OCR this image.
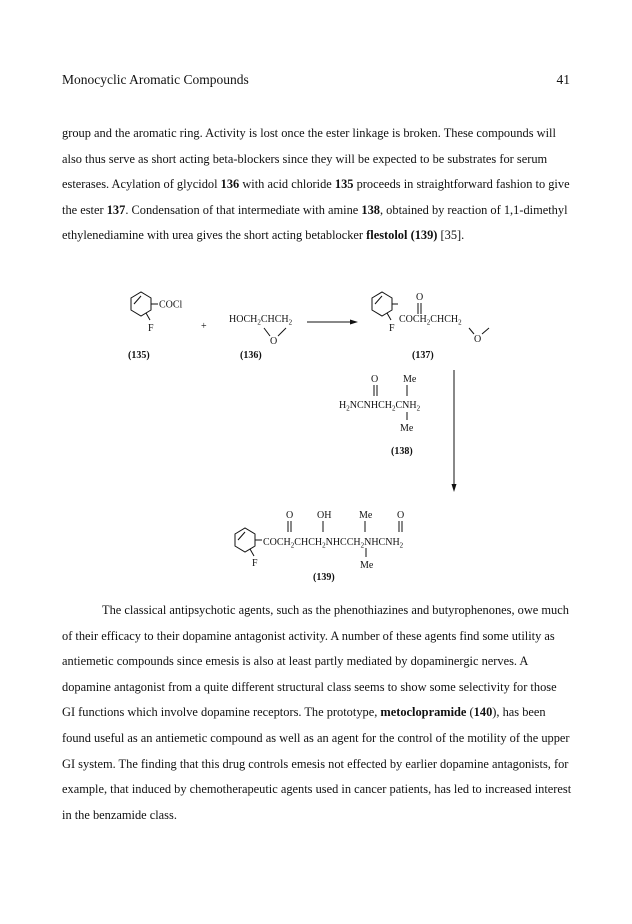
Monocyclic Aromatic Compounds	41

group and the aromatic ring. Activity is lost once the ester linkage is broken. These compounds will also thus serve as short acting beta-blockers since they will be expected to be substrates for serum esterases. Acylation of glycidol 136 with acid chloride 135 proceeds in straightforward fashion to give the ester 137. Condensation of that intermediate with amine 138, obtained by reaction of 1,1-dimethyl ethylenediamine with urea gives the short acting betablocker flestolol (139) [35].

COCl
F
(135)
+
$HOCH_2CHCH_2$
O
(136)
O
$COCH_2CHCH_2$
O
F
(137)
O Me
$H_2NCNHCH_2CNH_2$
Me
(138)
O OH	Me O
$COCH_2CHCH_2NHCCH_2NHCNH_2$
F	Me
(139)

The classical antipsychotic agents, such as the phenothiazines and butyrophenones, owe much of their efficacy to their dopamine antagonist activity. A number of these agents find some utility as antiemetic compounds since emesis is also at least partly mediated by dopaminergic nerves. A dopamine antagonist from a quite different structural class seems to show some selectivity for those GI functions which involve dopamine receptors. The prototype, metoclopramide (140), has been found useful as an antiemetic compound as well as an agent for the control of the motility of the upper GI system. The finding that this drug controls emesis not effected by earlier dopamine antagonists, for example, that induced by chemotherapeutic agents used in cancer patients, has led to increased interest in the benzamide class.
